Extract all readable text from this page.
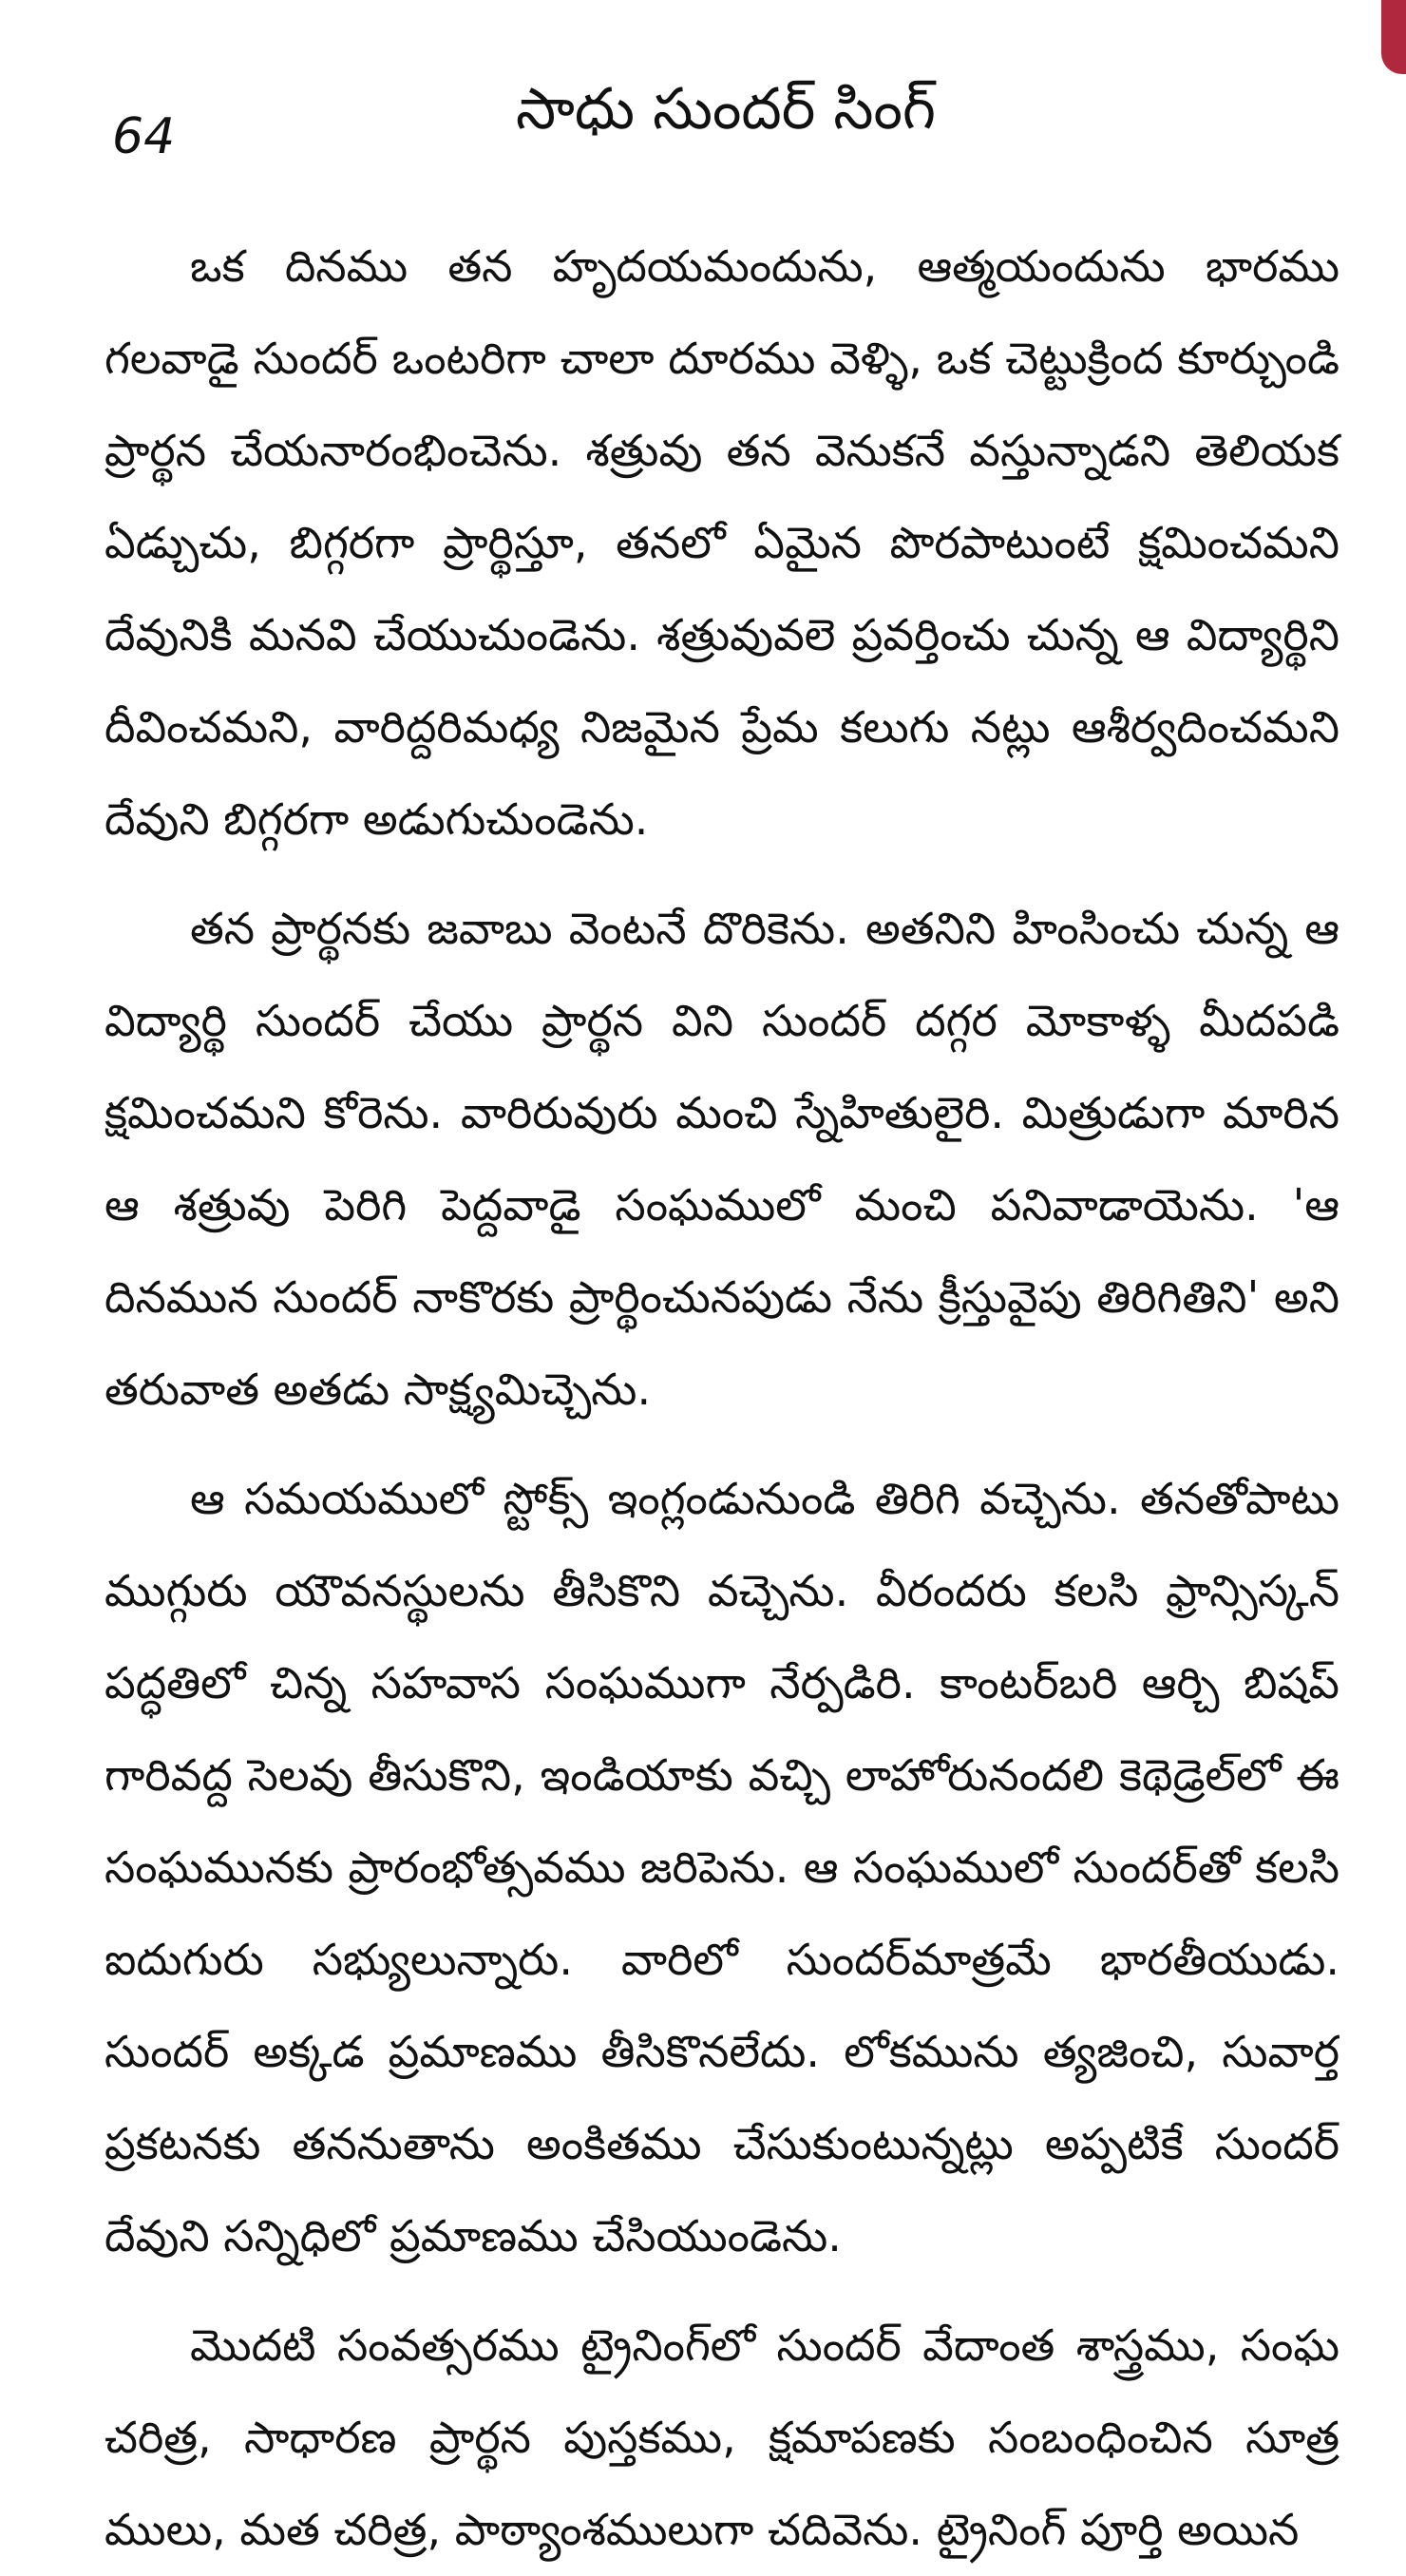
64	సాధు సుందర్ సింగ్

ఒక దినము తన హృదయమందును, ఆత్మయందును భారము గలవాడై సుందర్ ఒంటరిగా చాలా దూరము వెళ్ళి, ఒక చెట్టుక్రింద కూర్చుండి ప్రార్థన చేయనారంభించెను. శత్రువు తన వెనుకనే వస్తున్నాడని తెలియక ఏడ్చుచు, బిగ్గరగా ప్రార్థిస్తూ, తనలో ఏమైన పొరపాటుంటే క్షమించమని దేవునికి మనవి చేయుచుండెను. శత్రువువలె ప్రవర్తించు చున్న ఆ విద్యార్థిని దీవించమని, వారిద్దరిమధ్య నిజమైన ప్రేమ కలుగు నట్లు ఆశీర్వదించమని దేవుని బిగ్గరగా అడుగుచుండెను.

తన ప్రార్థనకు జవాబు వెంటనే దొరికెను. అతనిని హింసించు చున్న ఆ విద్యార్థి సుందర్ చేయు ప్రార్థన విని సుందర్ దగ్గర మోకాళ్ళ మీదపడి క్షమించమని కోరెను. వారిరువురు మంచి స్నేహితులైరి. మిత్రుడుగా మారిన ఆ శత్రువు పెరిగి పెద్దవాడై సంఘములో మంచి పనివాడాయెను. 'ఆ దినమున సుందర్ నాకొరకు ప్రార్థించునపుడు నేను క్రీస్తువైపు తిరిగితిని' అని తరువాత అతడు సాక్ష్యమిచ్చెను.

ఆ సమయములో స్టోక్స్ ఇంగ్లండునుండి తిరిగి వచ్చెను. తనతోపాటు ముగ్గురు యౌవనస్థులను తీసికొని వచ్చెను. వీరందరు కలసి ఫ్రాన్సిస్కన్ పద్ధతిలో చిన్న సహవాస సంఘముగా నేర్పడిరి. కాంటర్‌బరి ఆర్చి బిషప్ గారివద్ద సెలవు తీసుకొని, ఇండియాకు వచ్చి లాహోరునందలి కెథెడ్రెల్‌లో ఈ సంఘమునకు ప్రారంభోత్సవము జరిపెను. ఆ సంఘములో సుందర్‌తో కలసి ఐదుగురు సభ్యులున్నారు. వారిలో సుందర్‌మాత్రమే భారతీయుడు. సుందర్ అక్కడ ప్రమాణము తీసికొనలేదు. లోకమును త్యజించి, సువార్త ప్రకటనకు తననుతాను అంకితము చేసుకుంటున్నట్లు అప్పటికే సుందర్ దేవుని సన్నిధిలో ప్రమాణము చేసియుండెను.

మొదటి సంవత్సరము ట్రైనింగ్‌లో సుందర్ వేదాంత శాస్త్రము, సంఘ చరిత్ర, సాధారణ ప్రార్థన పుస్తకము, క్షమాపణకు సంబంధించిన సూత్ర ములు, మత చరిత్ర, పాఠ్యాంశములుగా చదివెను. ట్రైనింగ్ పూర్తి అయిన
